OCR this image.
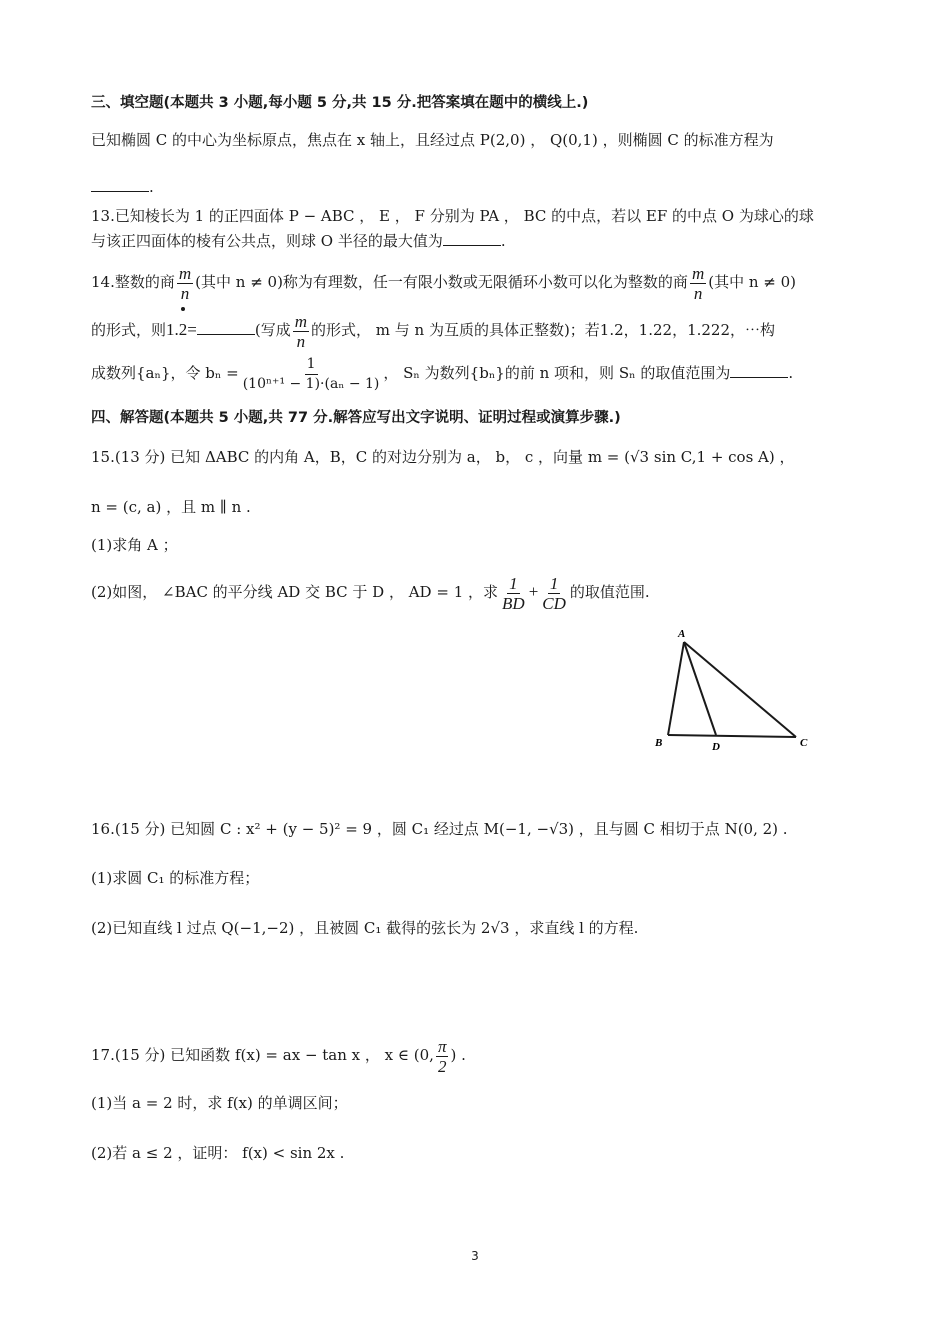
三、填空题(本题共 3 小题,每小题 5 分,共 15 分.把答案填在题中的横线上.)
已知椭圆 C 的中心为坐标原点，焦点在 x 轴上，且经过点 P(2,0) ， Q(0,1) ，则椭圆 C 的标准方程为
.
13.已知棱长为 1 的正四面体 P − ABC ， E ， F 分别为 PA ， BC 的中点，若以 EF 的中点 O 为球心的球
与该正四面体的棱有公共点，则球 O 半径的最大值为	.
14.整数的商 $\frac{m}{n}$ (其中 n ≠ 0)称为有理数，任一有限小数或无限循环小数可以化为整数的商 $\frac{m}{n}$ (其中 n ≠ 0)
的形式，则1.2=	(写成 $\frac{m}{n}$ 的形式， m 与 n 为互质的具体正整数)；若1.2，1.22，1.222，⋯构
成数列{aₙ}，令 $b_n = \frac{1}{\text{(10ⁿ⁺¹ − 1)·(aₙ − 1)}}$ ， Sₙ 为数列{bₙ}的前 n 项和，则 Sₙ 的取值范围为	.
四、解答题(本题共 5 小题,共 77 分.解答应写出文字说明、证明过程或演算步骤.)
15.(13 分) 已知 ΔABC 的内角 A，B，C 的对边分别为 a， b， c ，向量 m = (√3 sin C,1 + cos A) ，
n = (c, a) ，且 m ∥ n .
(1)求角 A ；
(2)如图， ∠BAC 的平分线 AD 交 BC 于 D ， AD = 1 ，求 $\frac{1}{BD} + \frac{1}{CD}$ 的取值范围.
A
B	D	C
16.(15 分) 已知圆 C : x² + (y − 5)² = 9 ，圆 C₁ 经过点 M(−1, −√3) ，且与圆 C 相切于点 N(0, 2) .
(1)求圆 C₁ 的标准方程；
(2)已知直线 l 过点 Q(−1,−2) ，且被圆 C₁ 截得的弦长为 2√3 ，求直线 l 的方程.
17.(15 分) 已知函数 f(x) = ax − tan x ， x ∈ (0, $\frac{\pi}{2}$ ) .
(1)当 a = 2 时，求 f(x) 的单调区间；
(2)若 a ≤ 2 ，证明： f(x) < sin 2x .
3
